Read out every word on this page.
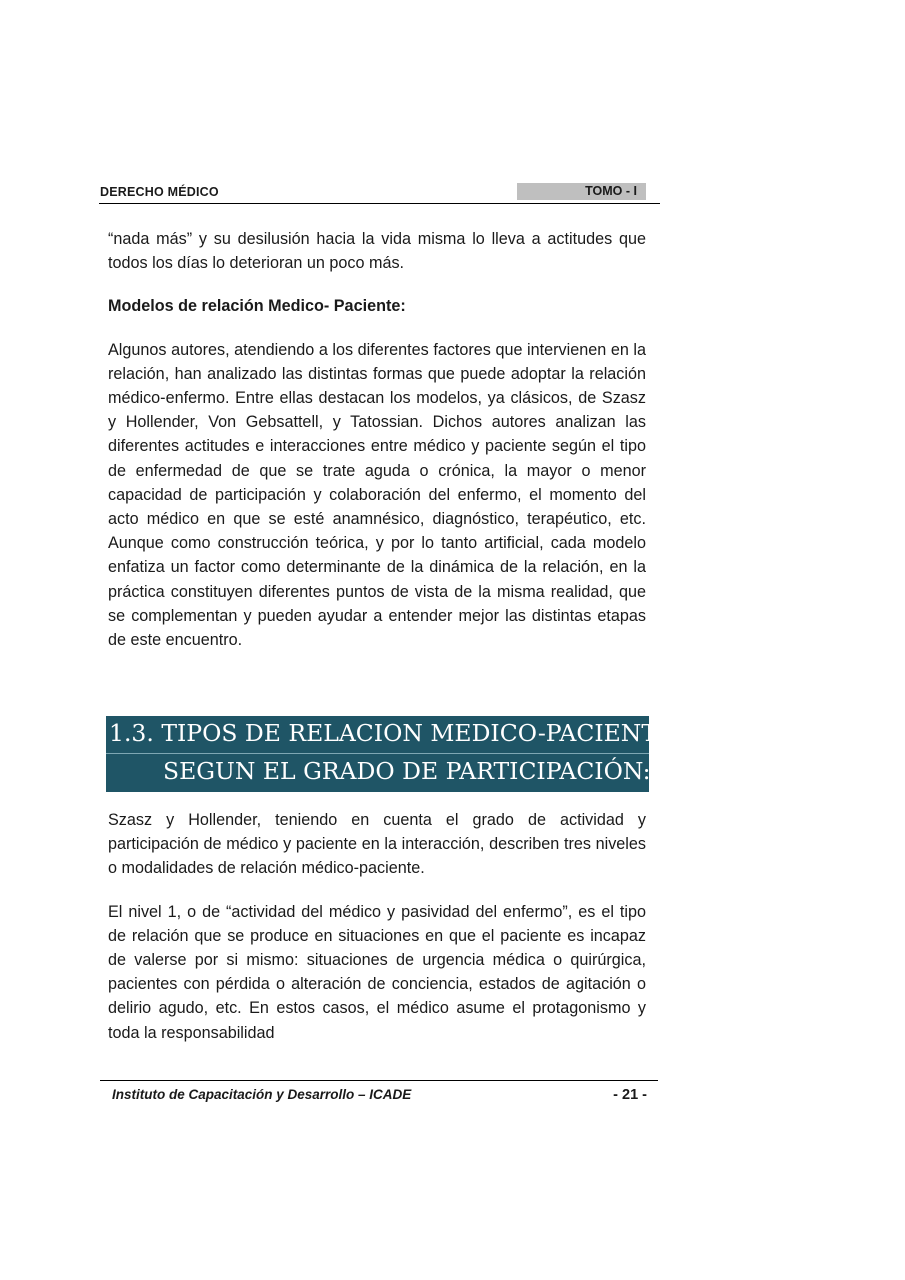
DERECHO MÉDICO	TOMO - I

“nada más” y su desilusión hacia la vida misma lo lleva a actitudes que todos los días lo deterioran un poco más.

Modelos de relación Medico- Paciente:

Algunos autores, atendiendo a los diferentes factores que intervienen en la relación, han analizado las distintas formas que puede adoptar la relación médico-enfermo. Entre ellas destacan los modelos, ya clásicos, de Szasz y Hollender, Von Gebsattell, y Tatossian. Dichos autores analizan las diferentes actitudes e interacciones entre médico y paciente según el tipo de enfermedad de que se trate aguda o crónica, la mayor o menor capacidad de participación y colaboración del enfermo, el momento del acto médico en que se esté anamnésico, diagnóstico, terapéutico, etc. Aunque como construcción teórica, y por lo tanto artificial, cada modelo enfatiza un factor como determinante de la dinámica de la relación, en la práctica constituyen diferentes puntos de vista de la misma realidad, que se complementan y pueden ayudar a entender mejor las distintas etapas de este encuentro.

1.3. TIPOS DE RELACION MEDICO-PACIENTE
SEGUN EL GRADO DE PARTICIPACIÓN:

Szasz y Hollender, teniendo en cuenta el grado de actividad y participación de médico y paciente en la interacción, describen tres niveles o modalidades de relación médico-paciente.

El nivel 1, o de “actividad del médico y pasividad del enfermo”, es el tipo de relación que se produce en situaciones en que el paciente es incapaz de valerse por si mismo: situaciones de urgencia médica o quirúrgica, pacientes con pérdida o alteración de conciencia, estados de agitación o delirio agudo, etc. En estos casos, el médico asume el protagonismo y toda la responsabilidad

Instituto de Capacitación y Desarrollo – ICADE	- 21 -
